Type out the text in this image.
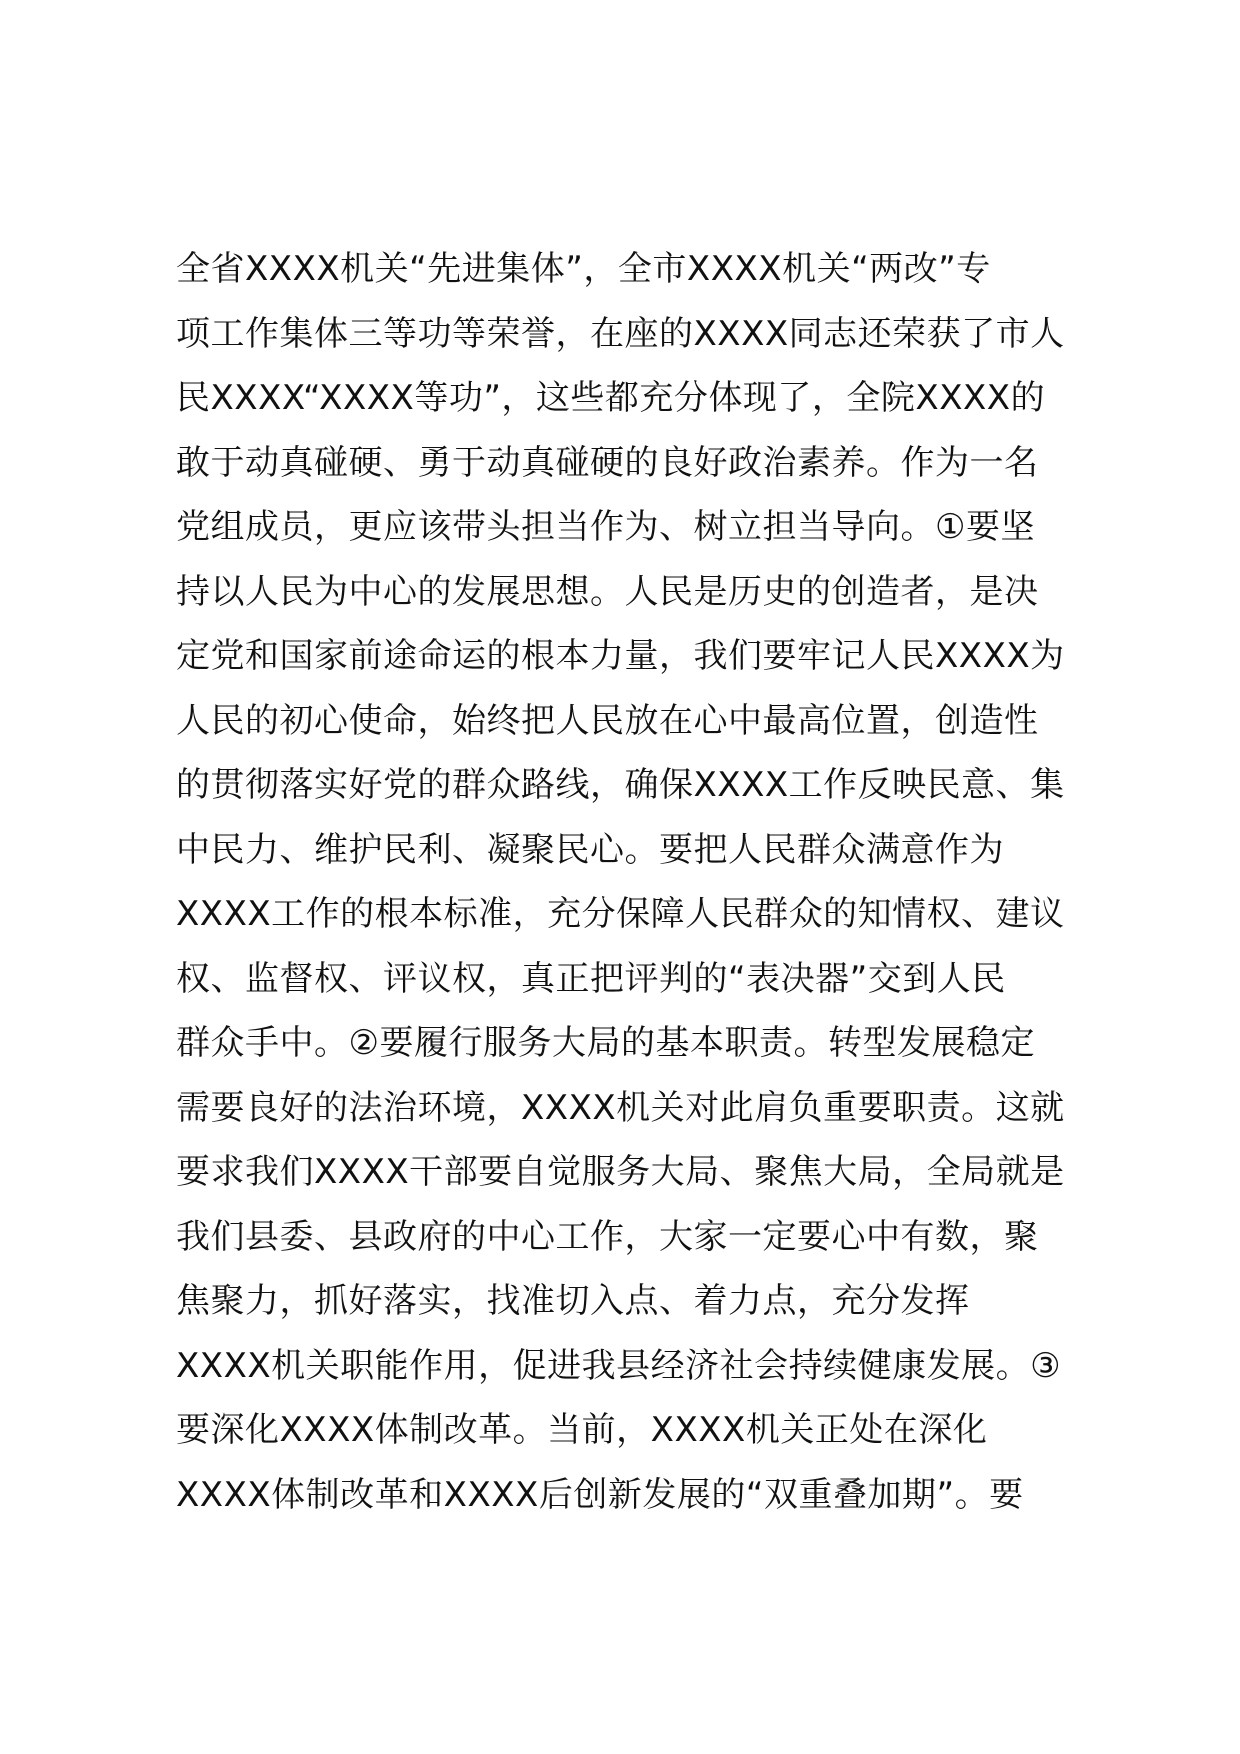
全省XXXX机关“先进集体”，全市XXXX机关“两改”专
项工作集体三等功等荣誉，在座的XXXX同志还荣获了市人
民XXXX“XXXX等功”，这些都充分体现了，全院XXXX的
敢于动真碰硬、勇于动真碰硬的良好政治素养。作为一名
党组成员，更应该带头担当作为、树立担当导向。①要坚
持以人民为中心的发展思想。人民是历史的创造者，是决
定党和国家前途命运的根本力量，我们要牢记人民XXXX为
人民的初心使命，始终把人民放在心中最高位置，创造性
的贯彻落实好党的群众路线，确保XXXX工作反映民意、集
中民力、维护民利、凝聚民心。要把人民群众满意作为
XXXX工作的根本标准，充分保障人民群众的知情权、建议
权、监督权、评议权，真正把评判的“表决器”交到人民
群众手中。②要履行服务大局的基本职责。转型发展稳定
需要良好的法治环境，XXXX机关对此肩负重要职责。这就
要求我们XXXX干部要自觉服务大局、聚焦大局，全局就是
我们县委、县政府的中心工作，大家一定要心中有数，聚
焦聚力，抓好落实，找准切入点、着力点，充分发挥
XXXX机关职能作用，促进我县经济社会持续健康发展。③
要深化XXXX体制改革。当前，XXXX机关正处在深化
XXXX体制改革和XXXX后创新发展的“双重叠加期”。要
